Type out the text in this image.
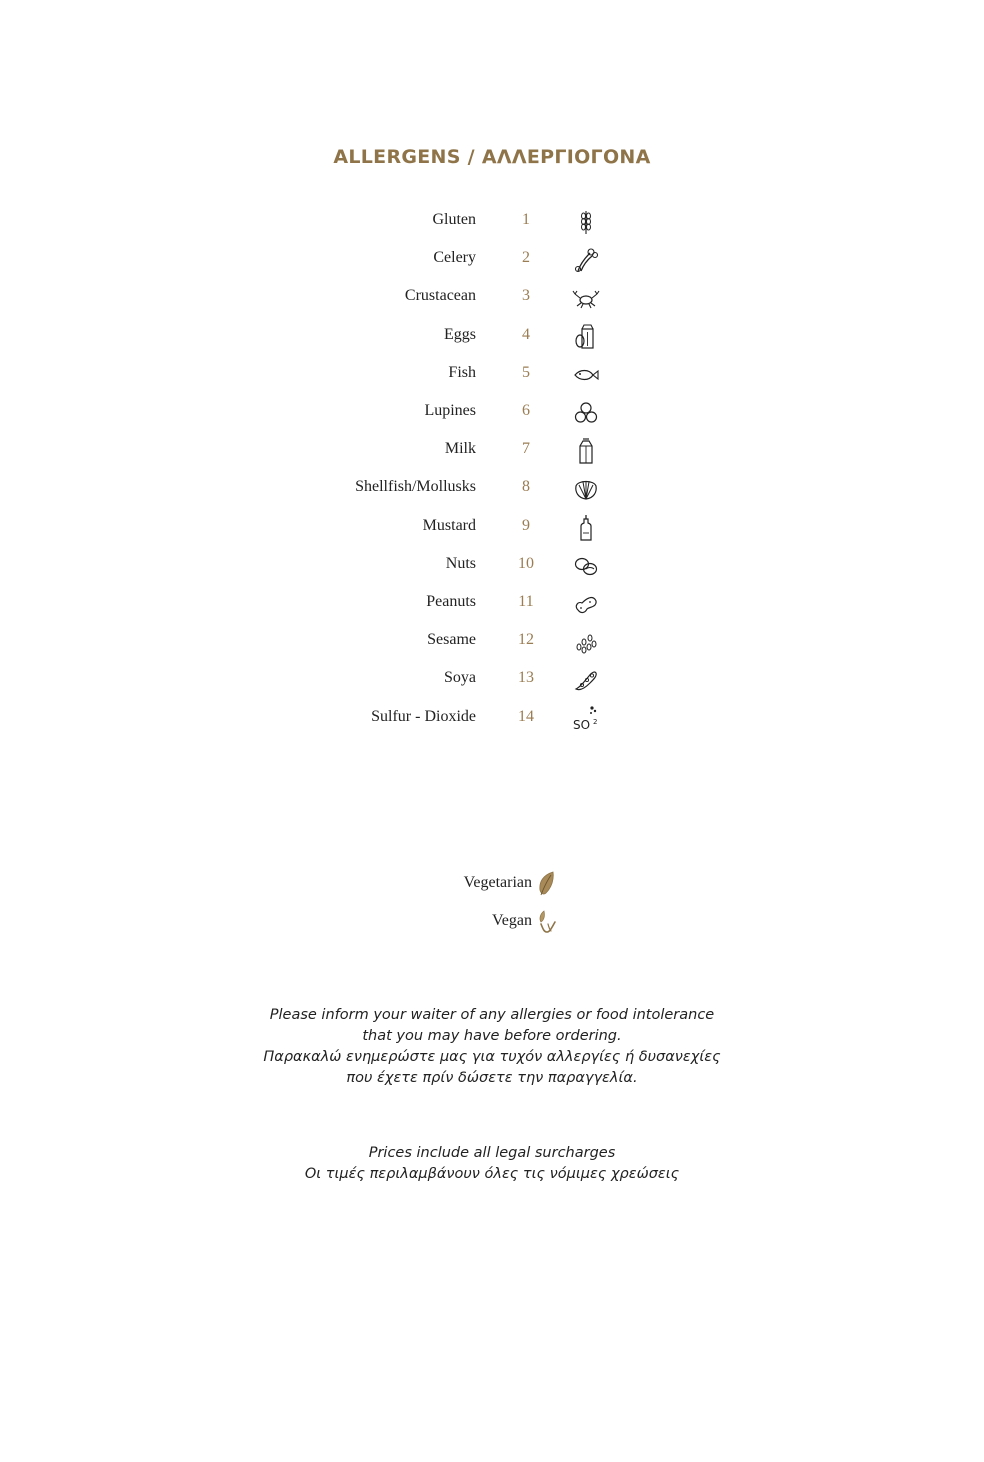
ALLERGENS / ΑΛΛΕΡΓΙΟΓΟΝΑ
Gluten	1
Celery	2
Crustacean	3
Eggs	4
Fish	5
Lupines	6
Milk	7
Shellfish/Mollusks	8
Mustard	9
Nuts	10
Peanuts	11
Sesame	12
Soya	13
Sulfur - Dioxide	14	SO 2
Vegetarian
Vegan
Please inform your waiter of any allergies or food intolerance
that you may have before ordering.
Παρακαλώ ενημερώστε μας για τυχόν αλλεργίες ή δυσανεχίες
που έχετε πρίν δώσετε την παραγγελία.
Prices include all legal surcharges
Οι τιμές περιλαμβάνουν όλες τις νόμιμες χρεώσεις
